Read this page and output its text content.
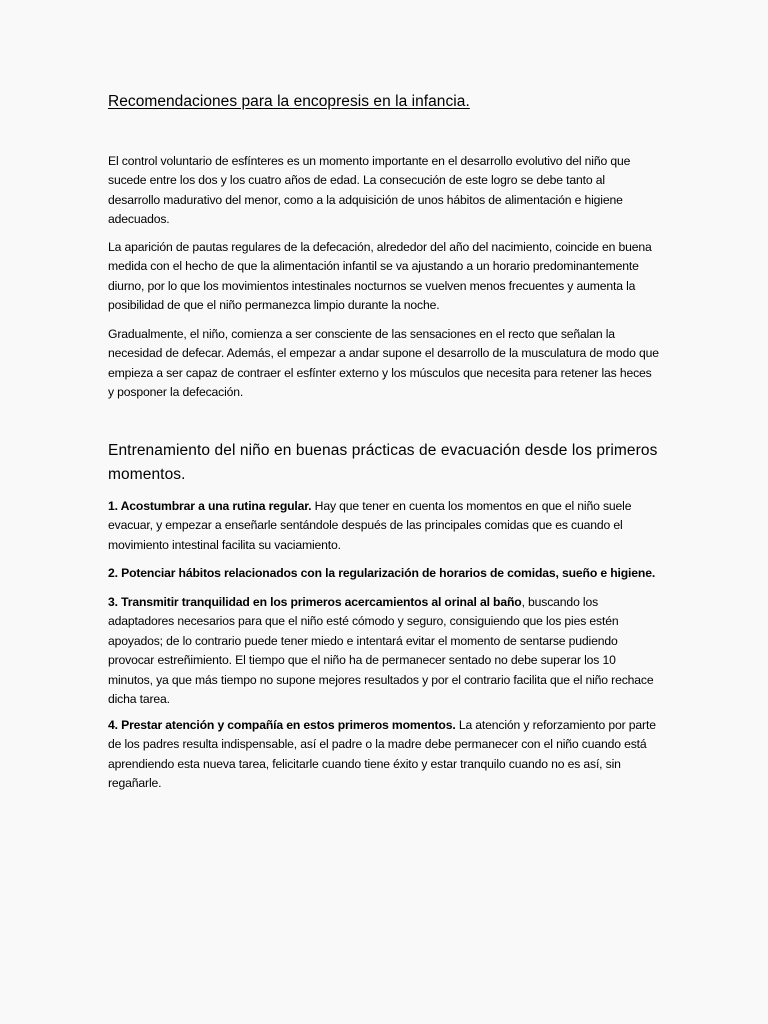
Recomendaciones para la encopresis en la infancia.

El control voluntario de esfínteres es un momento importante en el desarrollo evolutivo del niño que sucede entre los dos y los cuatro años de edad. La consecución de este logro se debe tanto al desarrollo madurativo del menor, como a la adquisición de unos hábitos de alimentación e higiene adecuados.

La aparición de pautas regulares de la defecación, alrededor del año del nacimiento, coincide en buena medida con el hecho de que la alimentación infantil se va ajustando a un horario predominantemente diurno, por lo que los movimientos intestinales nocturnos se vuelven menos frecuentes y aumenta la posibilidad de que el niño permanezca limpio durante la noche.

Gradualmente, el niño, comienza a ser consciente de las sensaciones en el recto que señalan la necesidad de defecar. Además, el empezar a andar supone el desarrollo de la musculatura de modo que empieza a ser capaz de contraer el esfínter externo y los músculos que necesita para retener las heces y posponer la defecación.

Entrenamiento del niño en buenas prácticas de evacuación desde los primeros momentos.

1. Acostumbrar a una rutina regular. Hay que tener en cuenta los momentos en que el niño suele evacuar, y empezar a enseñarle sentándole después de las principales comidas que es cuando el movimiento intestinal facilita su vaciamiento.

2. Potenciar hábitos relacionados con la regularización de horarios de comidas, sueño e higiene.

3. Transmitir tranquilidad en los primeros acercamientos al orinal al baño, buscando los adaptadores necesarios para que el niño esté cómodo y seguro, consiguiendo que los pies estén apoyados; de lo contrario puede tener miedo e intentará evitar el momento de sentarse pudiendo provocar estreñimiento. El tiempo que el niño ha de permanecer sentado no debe superar los 10 minutos, ya que más tiempo no supone mejores resultados y por el contrario facilita que el niño rechace dicha tarea.

4. Prestar atención y compañía en estos primeros momentos. La atención y reforzamiento por parte de los padres resulta indispensable, así el padre o la madre debe permanecer con el niño cuando está aprendiendo esta nueva tarea, felicitarle cuando tiene éxito y estar tranquilo cuando no es así, sin regañarle.
